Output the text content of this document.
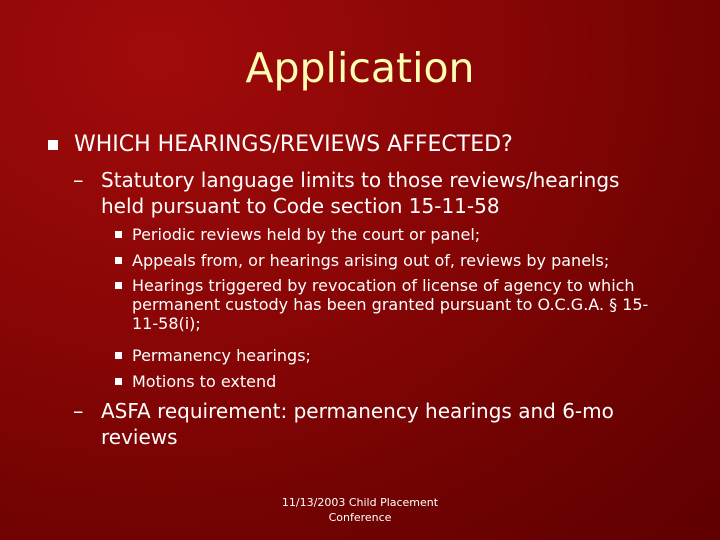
Application
WHICH HEARINGS/REVIEWS AFFECTED?
– Statutory language limits to those reviews/hearings held pursuant to Code section 15-11-58
Periodic reviews held by the court or panel;
Appeals from, or hearings arising out of, reviews by panels;
Hearings triggered by revocation of license of agency to which permanent custody has been granted pursuant to O.C.G.A. § 15-11-58(i);
Permanency hearings;
Motions to extend
– ASFA requirement: permanency hearings and 6-mo reviews
11/13/2003 Child Placement
Conference
